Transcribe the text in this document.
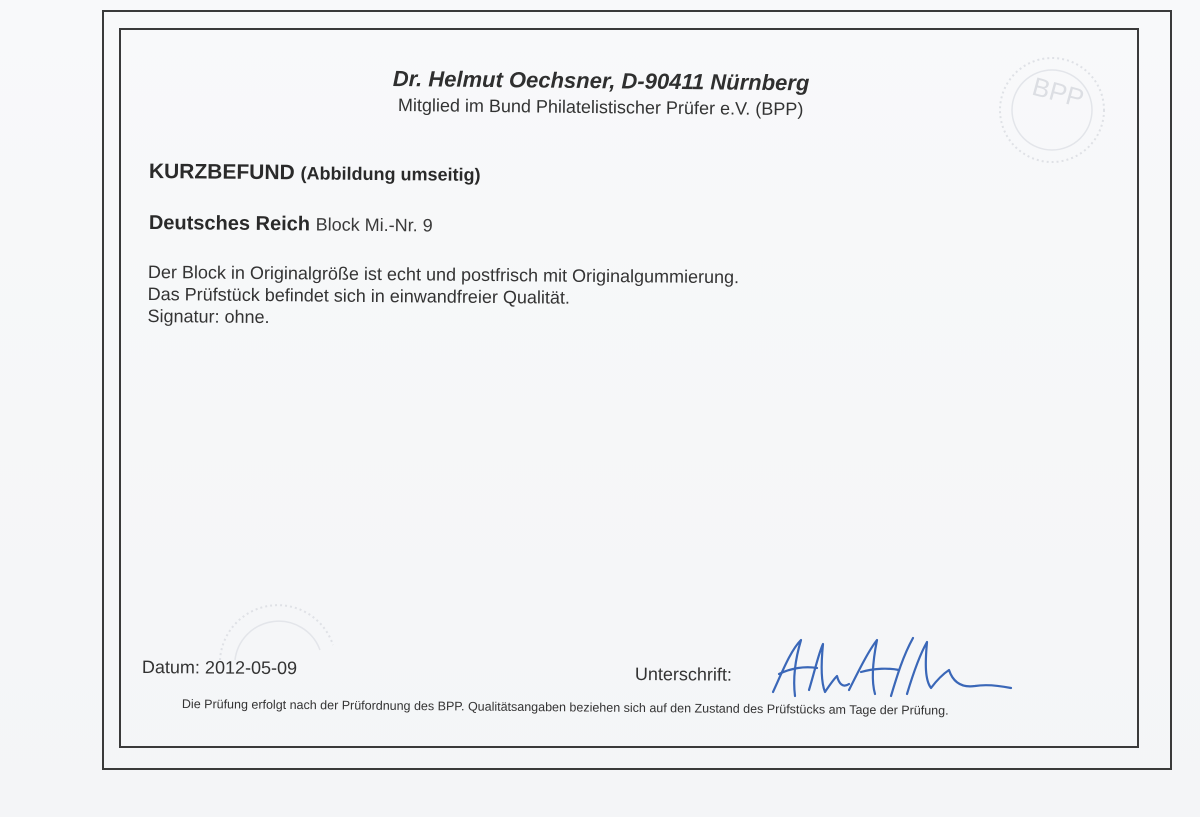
BPP
Dr. Helmut Oechsner, D-90411 Nürnberg
Mitglied im Bund Philatelistischer Prüfer e.V. (BPP)
KURZBEFUND (Abbildung umseitig)
Deutsches Reich Block Mi.-Nr. 9
Der Block in Originalgröße ist echt und postfrisch mit Originalgummierung.
Das Prüfstück befindet sich in einwandfreier Qualität.
Signatur: ohne.
Datum: 2012-05-09	Unterschrift:
Die Prüfung erfolgt nach der Prüfordnung des BPP. Qualitätsangaben beziehen sich auf den Zustand des Prüfstücks am Tage der Prüfung.
